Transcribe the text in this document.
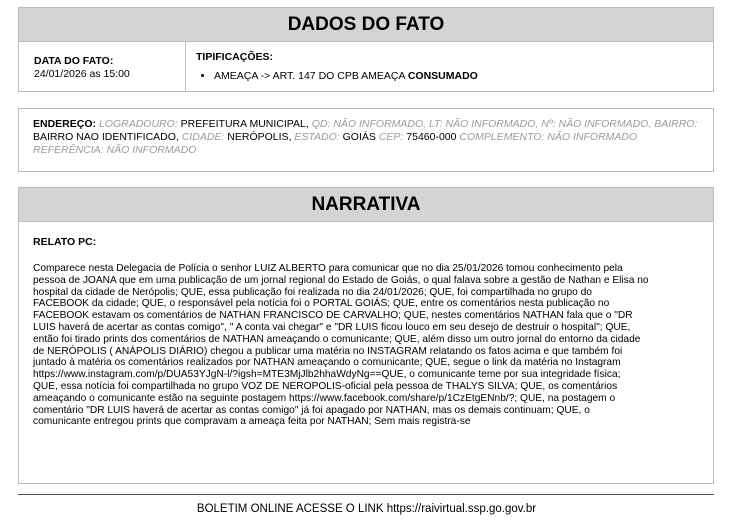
DADOS DO FATO
DATA DO FATO:
24/01/2026 as 15:00
TIPIFICAÇÕES:
• AMEAÇA -> ART. 147 DO CPB AMEAÇA CONSUMADO
ENDEREÇO: LOGRADOURO: PREFEITURA MUNICIPAL, QD: NÃO INFORMADO, LT: NÃO INFORMADO, Nº: NÃO INFORMADO, BAIRRO: BAIRRO NAO IDENTIFICADO, CIDADE: NERÓPOLIS, ESTADO: GOIÁS CEP: 75460-000 COMPLEMENTO: NÃO INFORMADO REFERÊNCIA: NÃO INFORMADO
NARRATIVA
RELATO PC:
Comparece nesta Delegacia de Polícia o senhor LUIZ ALBERTO para comunicar que no dia 25/01/2026 tomou conhecimento pela
pessoa de JOANA que em uma publicação de um jornal regional do Estado de Goiás, o qual falava sobre a gestão de Nathan e Elisa no
hospital da cidade de Nerópolis; QUE, essa publicação foi realizada no dia 24/01/2026; QUE, foi compartilhada no grupo do
FACEBOOK da cidade; QUE, o responsável pela notícia foi o PORTAL GOIÁS; QUE, entre os comentários nesta publicação no
FACEBOOK estavam os comentários de NATHAN FRANCISCO DE CARVALHO; QUE, nestes comentários NATHAN fala que o "DR
LUIS haverá de acertar as contas comigo", " A conta vai chegar" e "DR LUIS ficou louco em seu desejo de destruir o hospital"; QUE,
então foi tirado prints dos comentários de NATHAN ameaçando o comunicante; QUE, além disso um outro jornal do entorno da cidade
de NERÓPOLIS ( ANÁPOLIS DIÁRIO) chegou a publicar uma matéria no INSTAGRAM relatando os fatos acima e que também foi
juntado à matéria os comentários realizados por NATHAN ameaçando o comunicante; QUE, segue o link da matéria no Instagram
https://www.instagram.com/p/DUA53YJgN-l/?igsh=MTE3MjJlb2hhaWdyNg==QUE, o comunicante teme por sua integridade física;
QUE, essa notícia foi compartilhada no grupo VOZ DE NEROPOLIS-oficial pela pessoa de THALYS SILVA; QUE, os comentários
ameaçando o comunicante estão na seguinte postagem https://www.facebook.com/share/p/1CzEtgENnb/?; QUE, na postagem o
comentário "DR LUIS haverá de acertar as contas comigo" já foi apagado por NATHAN, mas os demais continuam; QUE, o
comunicante entregou prints que compravam a ameaça feita por NATHAN; Sem mais registra-se
BOLETIM ONLINE ACESSE O LINK https://raivirtual.ssp.go.gov.br
